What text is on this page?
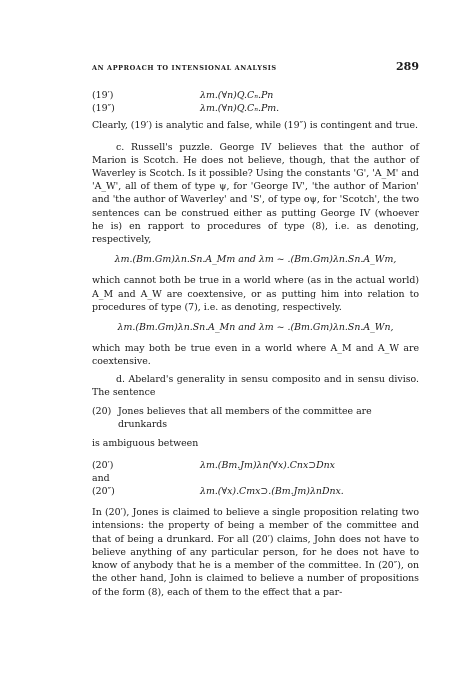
AN APPROACH TO INTENSIONAL ANALYSIS	289
(19′)	λm.(∀n)Q.Cₙ.Pn
(19″)	λm.(∀n)Q.Cₙ.Pm.

Clearly, (19′) is analytic and false, while (19″) is contingent and true.

c. Russell's puzzle. George IV believes that the author of Marion is Scotch. He does not believe, though, that the author of Waverley is Scotch. Is it possible? Using the constants 'G', 'A_M' and 'A_W', all of them of type ψ, for 'George IV', 'the author of Marion' and 'the author of Waverley' and 'S', of type oψ, for 'Scotch', the two sentences can be construed either as putting George IV (whoever he is) en rapport to procedures of type (8), i.e. as denoting, respectively,

λm.(Bm.Gm)λn.Sn.A_Mm and λm ~ .(Bm.Gm)λn.Sn.A_Wm,

which cannot both be true in a world where (as in the actual world) A_M and A_W are coextensive, or as putting him into relation to procedures of type (7), i.e. as denoting, respectively.

λm.(Bm.Gm)λn.Sn.A_Mn and λm ~ .(Bm.Gm)λn.Sn.A_Wn,

which may both be true even in a world where A_M and A_W are coextensive.

d. Abelard's generality in sensu composito and in sensu diviso. The sentence

(20) Jones believes that all members of the committee are drunkards

is ambiguous between

(20′)	λm.(Bm.Jm)λn(∀x).Cnx⊃Dnx
and
(20″)	λm.(∀x).Cmx⊃.(Bm.Jm)λnDnx.

In (20′), Jones is claimed to believe a single proposition relating two intensions: the property of being a member of the committee and that of being a drunkard. For all (20′) claims, John does not have to believe anything of any particular person, for he does not have to know of anybody that he is a member of the committee. In (20″), on the other hand, John is claimed to believe a number of propositions of the form (8), each of them to the effect that a par-
